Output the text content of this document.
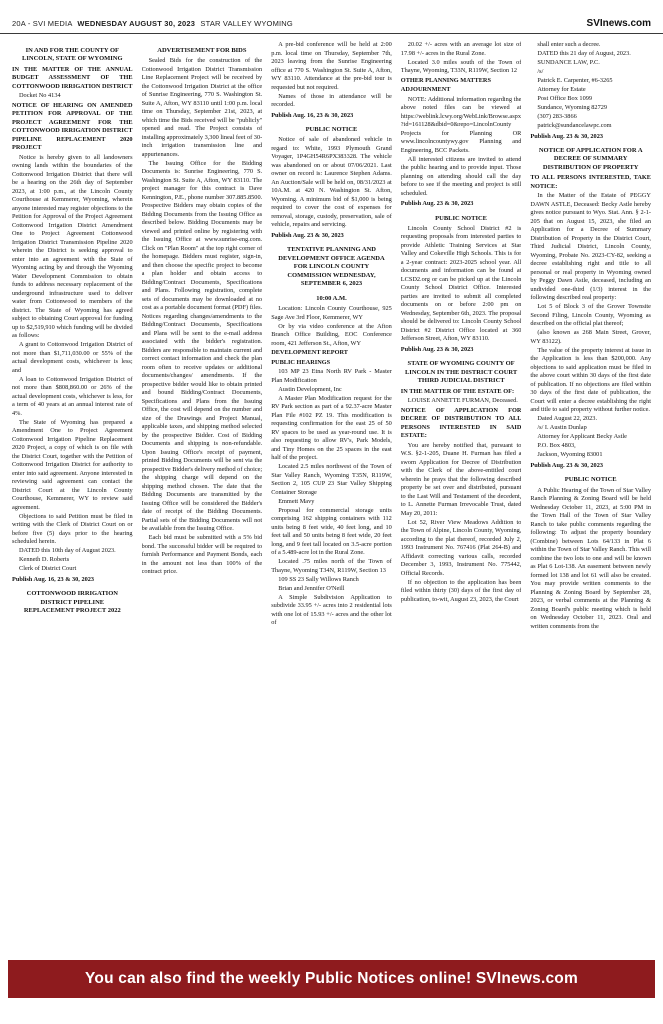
20A - SVI MEDIA WEDNESDAY AUGUST 30, 2023 STAR VALLEY WYOMING	SVInews.com

IN AND FOR THE COUNTY OF LINCOLN, STATE OF WYOMING

IN THE MATTER OF THE ANNUAL BUDGET ASSESSMENT OF THE COTTONWOOD IRRIGATION DISTRICT

Docket No 4134

NOTICE OF HEARING ON AMENDED PETITION FOR APPROVAL OF THE PROJECT AGREEMENT FOR THE COTTONWOOD IRRIGATION DISTRICT PIPELINE REPLACEMENT 2020 PROJECT

Notice is hereby given to all landowners owning lands within the boundaries of the Cottonwood Irrigation District that there will be a hearing on the 26th day of September 2023, at 1:00 p.m., at the Lincoln County Courthouse at Kemmerer, Wyoming, wherein anyone interested may register objections to the Petition for Approval of the Project Agreement Cottonwood Irrigation District Amendment One to Project Agreement Cottonwood Irrigation District Transmission Pipeline 2020 wherein the District is seeking approval to enter into an agreement with the State of Wyoming acting by and through the Wyoming Water Development Commission to obtain funds to address necessary replacement of the underground infrastructure used to deliver water from Cottonwood to members of the district. The State of Wyoming has agreed subject to obtaining Court approval for funding up to $2,519,910 which funding will be divided as follows:

A grant to Cottonwood Irrigation District of not more than $1,711,030.00 or 55% of the actual development costs, whichever is less; and

A loan to Cottonwood Irrigation District of not more than $808,860.00 or 26% of the actual development costs, whichever is less, for a term of 40 years at an annual interest rate of 4%.

The State of Wyoming has prepared a Amendment One to Project Agreement Cottonwood Irrigation Pipeline Replacement 2020 Project, a copy of which is on file with the District Court, together with the Petition of Cottonwood Irrigation District for authority to enter into said agreement. Anyone interested in reviewing said agreement can contact the District Court at the Lincoln County Courthouse, Kemmerer, WY to review said agreement.

Objections to said Petition must be filed in writing with the Clerk of District Court on or before five (5) days prior to the hearing scheduled herein.

DATED this 10th day of August 2023.

Kenneth D. Roberts

Clerk of District Court

Publish Aug. 16, 23 & 30, 2023

COTTONWOOD IRRIGATION DISTRICT PIPELINE REPLACEMENT PROJECT 2022

ADVERTISEMENT FOR BIDS

Sealed Bids for the construction of the Cottonwood Irrigation District Transmission Line Replacement Project will be received by the Cottonwood Irrigation District at the office of Sunrise Engineering, 770 S. Washington St. Suite A, Afton, WY 83110 until 1:00 p.m. local time on Thursday, September 21st, 2023, at which time the Bids received will be "publicly" opened and read. The Project consists of installing approximately 3,300 lineal feet of 30-inch irrigation transmission line and appurtenances.

The Issuing Office for the Bidding Documents is: Sunrise Engineering, 770 S. Washington St. Suite A, Afton, WY 83110. The project manager for this contract is Dave Kennington, P.E., phone number 307.885.8500. Prospective Bidders may obtain copies of the Bidding Documents from the Issuing Office as described below. Bidding Documents may be viewed and printed online by registering with the Issuing Office at www.sunrise-eng.com. Click on "Plan Room" at the top right corner of the homepage. Bidders must register, sign-in, and then choose the specific project to become a plan holder and obtain access to Bidding/Contract Documents, Specifications and Plans. Following registration, complete sets of documents may be downloaded at no cost as a portable document format (PDF) files. Notices regarding changes/amendments to the Bidding/Contract Documents, Specifications and Plans will be sent to the e-mail address associated with the bidder's registration. Bidders are responsible to maintain current and correct contact information and check the plan room often to receive updates or additional documents/changes/ amendments. If the prospective bidder would like to obtain printed and bound Bidding/Contract Documents, Specifications and Plans from the Issuing Office, the cost will depend on the number and size of the Drawings and Project Manual, applicable taxes, and shipping method selected by the prospective Bidder. Cost of Bidding Documents and shipping is non-refundable. Upon Issuing Office's receipt of payment, printed Bidding Documents will be sent via the prospective Bidder's delivery method of choice; the shipping charge will depend on the shipping method chosen. The date that the Bidding Documents are transmitted by the Issuing Office will be considered the Bidder's date of receipt of the Bidding Documents. Partial sets of the Bidding Documents will not be available from the Issuing Office.

Each bid must be submitted with a 5% bid bond. The successful bidder will be required to furnish Performance and Payment Bonds, each in the amount not less than 100% of the contract price.

A pre-bid conference will be held at 2:00 p.m. local time on Thursday, September 7th, 2023 leaving from the Sunrise Engineering office at 770 S. Washington St. Suite A, Afton, WY 83110. Attendance at the pre-bid tour is requested but not required.

Names of those in attendance will be recorded.

Publish Aug. 16, 23 & 30, 2023

PUBLIC NOTICE

Notice of sale of abandoned vehicle in regard to: White, 1993 Plymouth Grand Voyager, 1P4GH54R6PX383328. The vehicle was abandoned on or about 07/06/2021. Last owner on record is: Laurence Stephen Adams. An Auction/Sale will be held on, 08/31/2023 at 10A.M. at 420 N. Washington St. Afton, Wyoming. A minimum bid of $1,000 is being required to cover the cost of expenses for removal, storage, custody, preservation, sale of vehicle, repairs and servicing.

Publish Aug. 23 & 30, 2023

TENTATIVE PLANNING AND DEVELOPMENT OFFICE AGENDA FOR LINCOLN COUNTY COMMISSION WEDNESDAY, SEPTEMBER 6, 2023

10:00 A.M.

Location: Lincoln County Courthouse, 925 Sage Ave 3rd Floor, Kemmerer, WY

Or by via video conference at the Afton Branch Office Building, EOC Conference room, 421 Jefferson St., Afton, WY

DEVELOPMENT REPORT

PUBLIC HEARINGS

103 MP 23 Etna North RV Park - Master Plan Modification

Austin Development, Inc

A Master Plan Modification request for the RV Park section as part of a 92.37-acre Master Plan File #102 PZ 19. This modification is requesting confirmation for the east 25 of 50 RV spaces to be used as year-round use. It is also requesting to allow RV's, Park Models, and Tiny Homes on the 25 spaces in the east half of the project.

Located 2.5 miles northwest of the Town of Star Valley Ranch, Wyoming T35N, R119W, Section 2, 105 CUP 23 Star Valley Shipping Container Storage

Emmett Mavy

Proposal for commercial storage units comprising 162 shipping containers with 112 units being 8 feet wide, 40 feet long, and 10 feet tall and 50 units being 8 feet wide, 20 feet long, and 9 feet tall located on 3.5-acre portion of a 5.489-acre lot in the Rural Zone.

Located .75 miles north of the Town of Thayne, Wyoming T34N, R119W, Section 13

109 SS 23 Sally Willows Ranch

Brian and Jennifer O'Neill

A Simple Subdivision Application to subdivide 33.95 +/- acres into 2 residential lots with one lot of 15.93 +/- acres and the other lot of

20.02 +/- acres with an average lot size of 17.98 +/- acres in the Rural Zone.

Located 3.0 miles south of the Town of Thayne, Wyoming, T33N, R119W, Section 12

OTHER PLANNING MATTERS

ADJOURNMENT

NOTE: Additional information regarding the above noted files can be viewed at https://weblink.lcwy.org/WebLink/Browse.aspx?id=161128&dbid=0&repo=LincolnCounty Projects for Planning OR www.lincolncountywy.gov Planning and Engineering, BCC Packets.

All interested citizens are invited to attend the public hearing and to provide input. Those planning on attending should call the day before to see if the meeting and project is still scheduled.

Publish Aug. 23 & 30, 2023

PUBLIC NOTICE

Lincoln County School District #2 is requesting proposals from interested parties to provide Athletic Training Services at Star Valley and Cokeville High Schools. This is for a 2-year contract: 2023-2025 school year. All documents and information can be found at LCSD2.org or can be picked up at the Lincoln County School District Office. Interested parties are invited to submit all completed documents on or before 2:00 pm on Wednesday, September 6th, 2023. The proposal should be delivered to: Lincoln County School District #2 District Office located at 360 Jefferson Street, Afton, WY 83110.

Publish Aug. 23 & 30, 2023

STATE OF WYOMING COUNTY OF LINCOLN IN THE DISTRICT COURT THIRD JUDICIAL DISTRICT

IN THE MATTER OF THE ESTATE OF:

LOUISE ANNETTE FURMAN, Deceased.

NOTICE OF APPLICATION FOR DECREE OF DISTRIBUTION TO ALL PERSONS INTERESTED IN SAID ESTATE:

You are hereby notified that, pursuant to W.S. §2-1-205, Duane H. Furman has filed a sworn Application for Decree of Distribution with the Clerk of the above-entitled court wherein he prays that the following described property be set over and distributed, pursuant to the Last Will and Testament of the decedent, to L. Annette Furman Irrevocable Trust, dated May 20, 2011:

Lot 52, River View Meadows Addition to the Town of Alpine, Lincoln County, Wyoming, according to the plat thereof, recorded July 2, 1993 Instrument No. 767416 (Plat 264-B) and Affidavit correcting various calls, recorded December 3, 1993, Instrument No. 775442, Official Records.

If no objection to the application has been filed within thirty (30) days of the first day of publication, to-wit, August 23, 2023, the Court

shall enter such a decree.

DATED this 21 day of August, 2023.

SUNDANCE LAW, P.C.

/s/

Patrick E. Carpenter, #6-3265

Attorney for Estate

Post Office Box 1099

Sundance, Wyoming 82729

(307) 283-3866

patrick@sundancelawpc.com

Publish Aug. 23 & 30, 2023

NOTICE OF APPLICATION FOR A DECREE OF SUMMARY DISTRIBUTION OF PROPERTY

TO ALL PERSONS INTERESTED, TAKE NOTICE:

In the Matter of the Estate of PEGGY DAWN ASTLE, Deceased: Becky Astle hereby gives notice pursuant to Wyo. Stat. Ann. § 2-1-205 that on August 15, 2023, she filed an Application for a Decree of Summary Distribution of Property in the District Court, Third Judicial District, Lincoln County, Wyoming, Probate No. 2023-CY-82, seeking a decree establishing right and title to all personal or real property in Wyoming owned by Peggy Dawn Astle, deceased, including an undivided one-third (1/3) interest in the following described real property:

Lot 5 of Block 3 of the Grover Townsite Second Filing, Lincoln County, Wyoming as described on the official plat thereof;

(also known as 268 Main Street, Grover, WY 83122).

The value of the property interest at issue in the Application is less than $200,000. Any objections to said application must be filed in the above court within 30 days of the first date of publication. If no objections are filed within 30 days of the first date of publication, the Court will enter a decree establishing the right and title to said property without further notice.

Dated August 22, 2023.

/s/ I. Austin Dunlap

Attorney for Applicant Becky Astle

P.O. Box 4803,

Jackson, Wyoming 83001

Publish Aug. 23 & 30, 2023

PUBLIC NOTICE

A Public Hearing of the Town of Star Valley Ranch Planning & Zoning Board will be held Wednesday October 11, 2023, at 5:00 PM in the Town Hall of the Town of Star Valley Ranch to take public comments regarding the following: To adjust the property boundary (Combine) between Lots 64/133 in Plat 6 within the Town of Star Valley Ranch. This will combine the two lots to one and will be known as Plat 6 Lot-138. An easement between newly formed lot 138 and lot 61 will also be created. You may provide written comments to the Planning & Zoning Board by September 28, 2023, or verbal comments at the Planning & Zoning Board's public meeting which is held on Wednesday October 11, 2023. Oral and written comments from the

You can also find the weekly Public Notices online! SVInews.com
